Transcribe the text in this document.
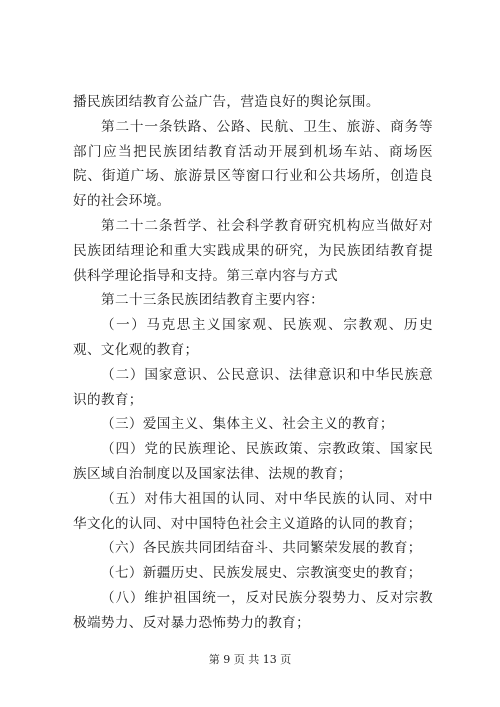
播民族团结教育公益广告，营造良好的舆论氛围。

第二十一条铁路、公路、民航、卫生、旅游、商务等部门应当把民族团结教育活动开展到机场车站、商场医院、街道广场、旅游景区等窗口行业和公共场所，创造良好的社会环境。

第二十二条哲学、社会科学教育研究机构应当做好对民族团结理论和重大实践成果的研究，为民族团结教育提供科学理论指导和支持。第三章内容与方式

第二十三条民族团结教育主要内容：

（一）马克思主义国家观、民族观、宗教观、历史观、文化观的教育；

（二）国家意识、公民意识、法律意识和中华民族意识的教育；

（三）爱国主义、集体主义、社会主义的教育；

（四）党的民族理论、民族政策、宗教政策、国家民族区域自治制度以及国家法律、法规的教育；

（五）对伟大祖国的认同、对中华民族的认同、对中华文化的认同、对中国特色社会主义道路的认同的教育；

（六）各民族共同团结奋斗、共同繁荣发展的教育；

（七）新疆历史、民族发展史、宗教演变史的教育；

（八）维护祖国统一，反对民族分裂势力、反对宗教极端势力、反对暴力恐怖势力的教育；

第 9 页 共 13 页
